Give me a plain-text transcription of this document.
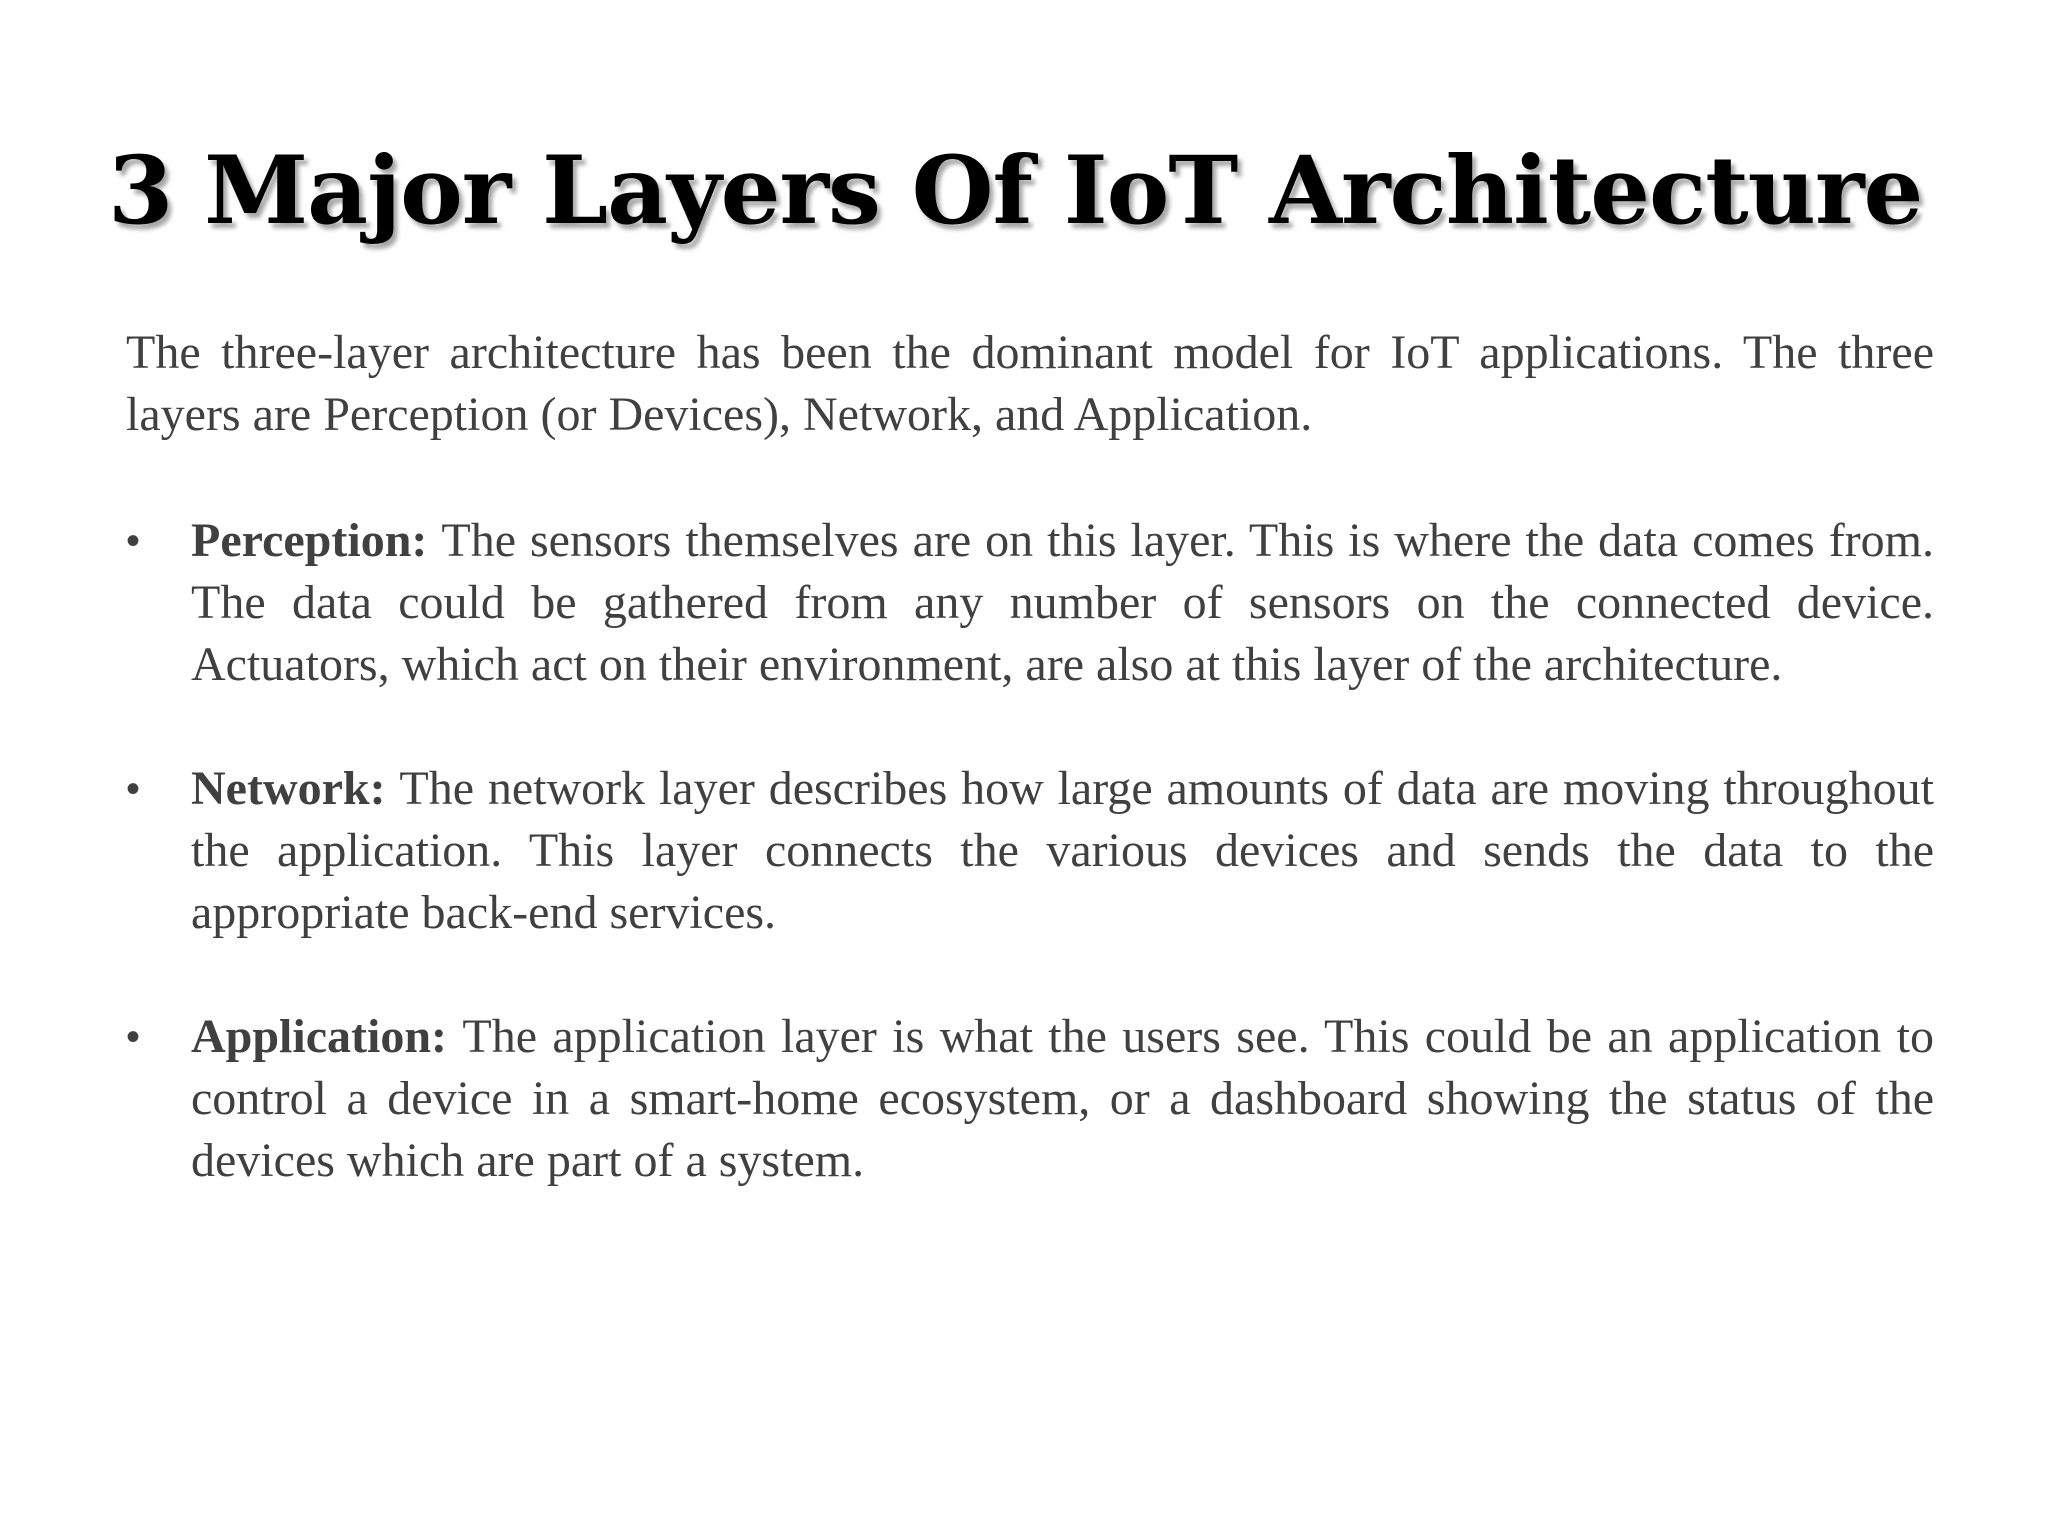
3 Major Layers Of IoT Architecture

The three-layer architecture has been the dominant model for IoT applications. The three layers are Perception (or Devices), Network, and Application.

• Perception: The sensors themselves are on this layer. This is where the data comes from. The data could be gathered from any number of sensors on the connected device. Actuators, which act on their environment, are also at this layer of the architecture.
• Network: The network layer describes how large amounts of data are moving throughout the application. This layer connects the various devices and sends the data to the appropriate back-end services.
• Application: The application layer is what the users see. This could be an application to control a device in a smart-home ecosystem, or a dashboard showing the status of the devices which are part of a system.
